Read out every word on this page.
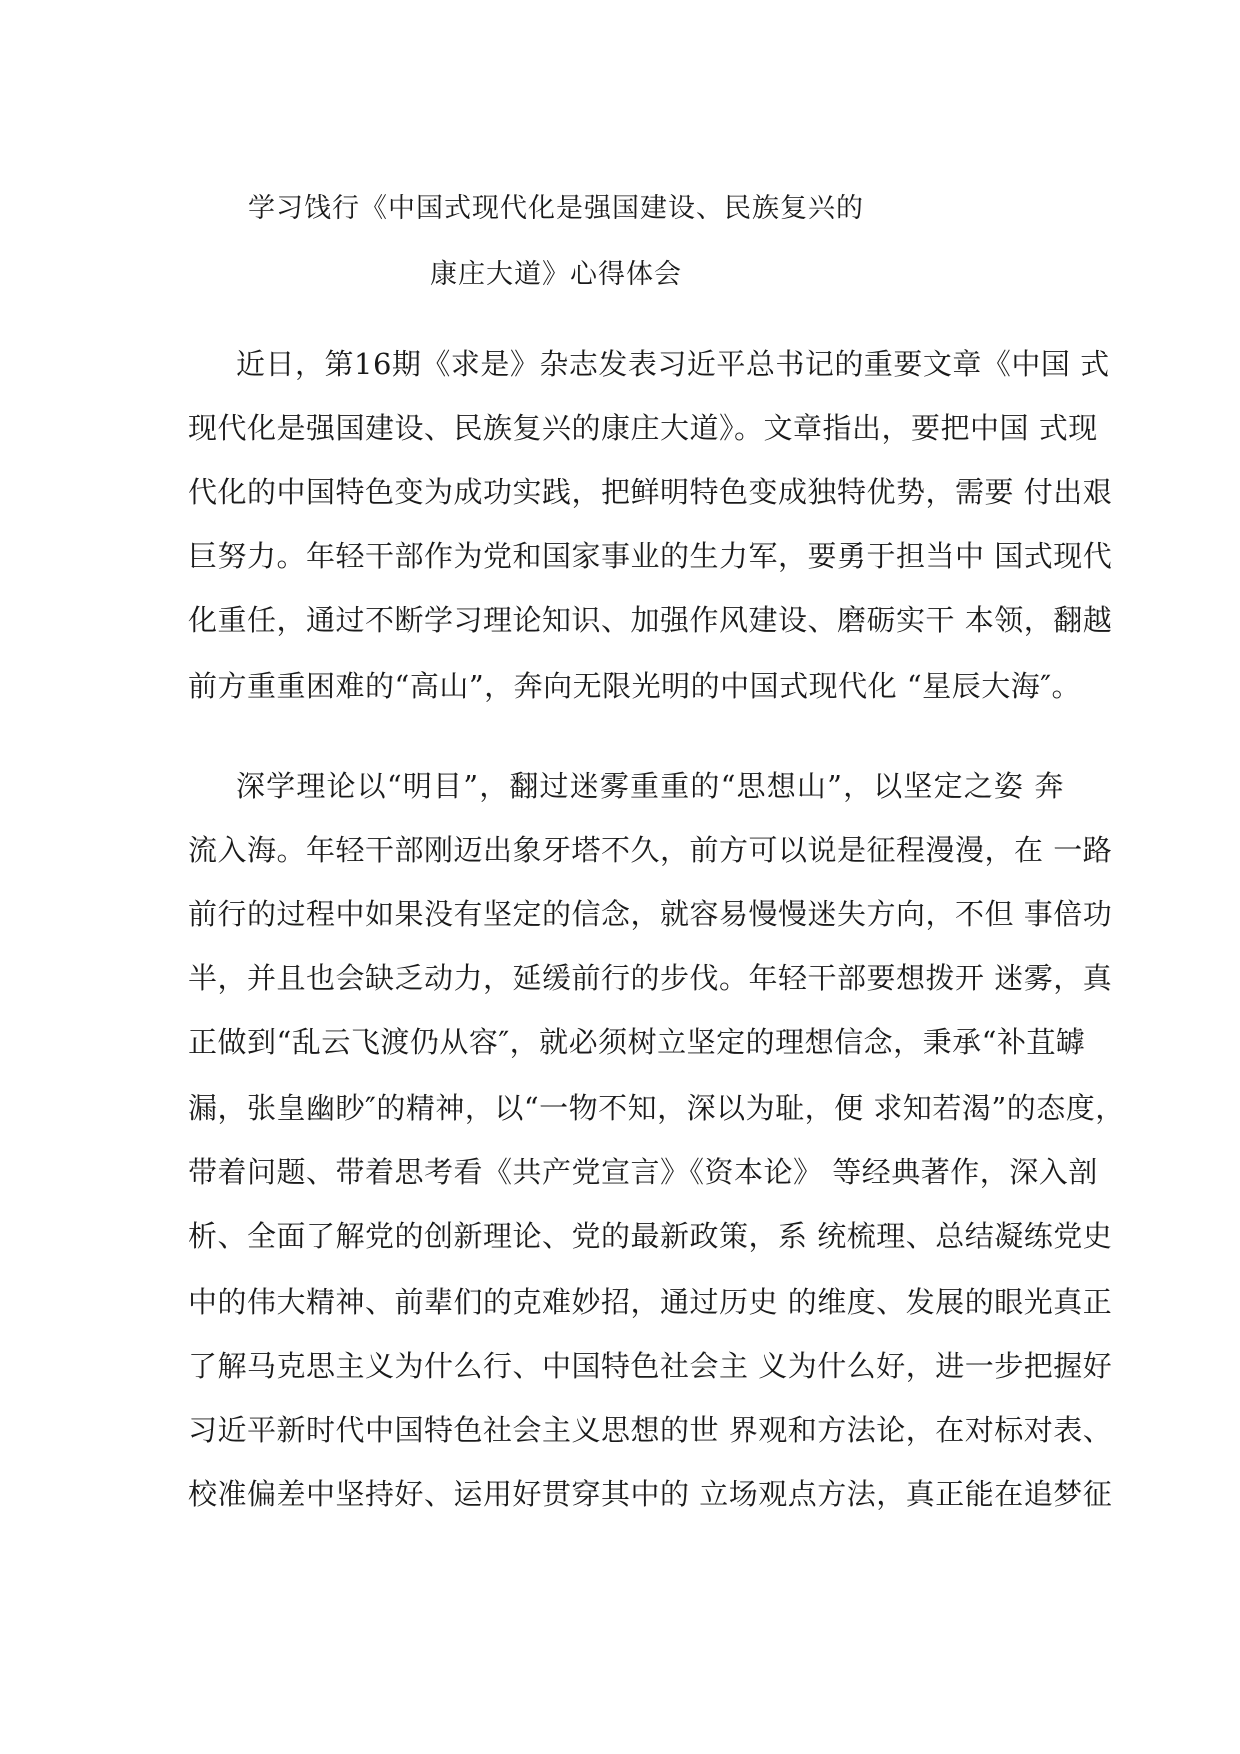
学习饯行《中国式现代化是强国建设、民族复兴的
康庄大道》心得体会
近日，第16期《求是》杂志发表习近平总书记的重要文章《中国 式
现代化是强国建设、民族复兴的康庄大道》。文章指出，要把中国 式现
代化的中国特色变为成功实践，把鲜明特色变成独特优势，需要 付出艰
巨努力。年轻干部作为党和国家事业的生力军，要勇于担当中 国式现代
化重任，通过不断学习理论知识、加强作风建设、磨砺实干 本领，翻越
前方重重困难的“高山”，奔向无限光明的中国式现代化 “星辰大海″。
深学理论以“明目”，翻过迷雾重重的“思想山”，以坚定之姿 奔
流入海。年轻干部刚迈出象牙塔不久，前方可以说是征程漫漫，在 一路
前行的过程中如果没有坚定的信念，就容易慢慢迷失方向，不但 事倍功
半，并且也会缺乏动力，延缓前行的步伐。年轻干部要想拨开 迷雾，真
正做到“乱云飞渡仍从容″，就必须树立坚定的理想信念，秉承“补苴罅
漏，张皇幽眇″的精神，以“一物不知，深以为耻，便 求知若渴”的态度，
带着问题、带着思考看《共产党宣言》《资本论》 等经典著作，深入剖
析、全面了解党的创新理论、党的最新政策，系 统梳理、总结凝练党史
中的伟大精神、前辈们的克难妙招，通过历史 的维度、发展的眼光真正
了解马克思主义为什么行、中国特色社会主 义为什么好，进一步把握好
习近平新时代中国特色社会主义思想的世 界观和方法论，在对标对表、
校准偏差中坚持好、运用好贯穿其中的 立场观点方法，真正能在追梦征
